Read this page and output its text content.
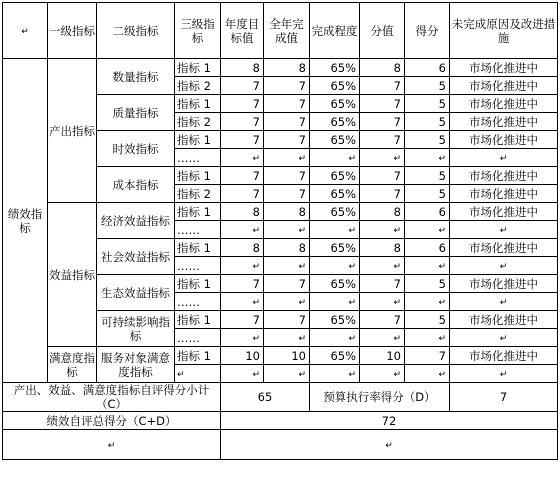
↵	一级指标	二级指标	三级指标	年度目标值	全年完成值	完成程度	分值	得分	未完成原因及改进措施
绩效指标	产出指标	数量指标	指标 1	8	8	65%	8	6	市场化推进中
			指标 2	7	7	65%	7	5	市场化推进中
		质量指标	指标 1	7	7	65%	7	5	市场化推进中
			指标 2	7	7	65%	7	5	市场化推进中
		时效指标	指标 1	7	7	65%	7	5	市场化推进中
			……	↵	↵	↵	↵	↵	↵
		成本指标	指标 1	7	7	65%	7	5	市场化推进中
			指标 2	7	7	65%	7	5	市场化推进中
	效益指标	经济效益指标	指标 1	8	8	65%	8	6	市场化推进中
			……	↵	↵	↵	↵	↵	↵
		社会效益指标	指标 1	8	8	65%	8	6	市场化推进中
			……	↵	↵	↵	↵	↵	↵
		生态效益指标	指标 1	7	7	65%	7	5	市场化推进中
			……	↵	↵	↵	↵	↵	↵
		可持续影响指标	指标 1	7	7	65%	7	5	市场化推进中
			……	↵	↵	↵	↵	↵	↵
	满意度指标	服务对象满意度指标	指标 1	10	10	65%	10	7	市场化推进中
			↵	↵	↵	↵	↵	↵	↵
产出、效益、满意度指标自评得分小计（C）				65		预算执行率得分（D）			7
绩效自评总得分（C+D）				72					
↵				↵					
